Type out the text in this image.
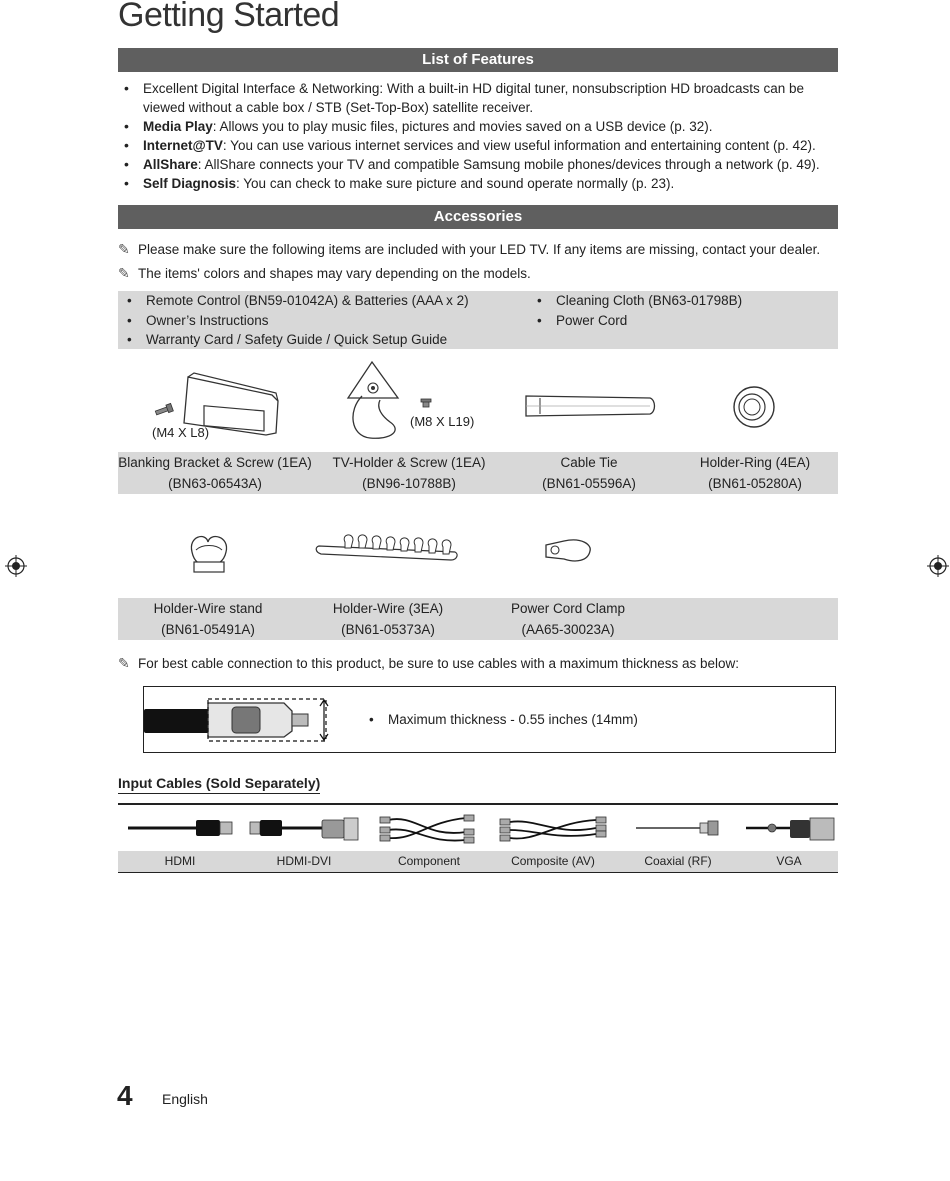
Getting Started
List of Features
• Excellent Digital Interface & Networking: With a built-in HD digital tuner, nonsubscription HD broadcasts can be viewed without a cable box / STB (Set-Top-Box) satellite receiver.
• Media Play: Allows you to play music files, pictures and movies saved on a USB device (p. 32).
• Internet@TV: You can use various internet services and view useful information and entertaining content (p. 42).
• AllShare: AllShare connects your TV and compatible Samsung mobile phones/devices through a network (p. 49).
• Self Diagnosis: You can check to make sure picture and sound operate normally (p. 23).
Accessories
✎ Please make sure the following items are included with your LED TV. If any items are missing, contact your dealer.
✎ The items' colors and shapes may vary depending on the models.
• Remote Control (BN59-01042A) & Batteries (AAA x 2)
• Owner’s Instructions
• Warranty Card / Safety Guide / Quick Setup Guide
• Cleaning Cloth (BN63-01798B)
• Power Cord
(M4 X L8)
(M8 X L19)
Blanking Bracket & Screw (1EA)
(BN63-06543A)
TV-Holder & Screw (1EA)
(BN96-10788B)
Cable Tie
(BN61-05596A)
Holder-Ring (4EA)
(BN61-05280A)
Holder-Wire stand
(BN61-05491A)
Holder-Wire (3EA)
(BN61-05373A)
Power Cord Clamp
(AA65-30023A)
✎ For best cable connection to this product, be sure to use cables with a maximum thickness as below:
• Maximum thickness - 0.55 inches (14mm)
Input Cables (Sold Separately)
HDMI	HDMI-DVI	Component	Composite (AV)	Coaxial (RF)	VGA
4 English
